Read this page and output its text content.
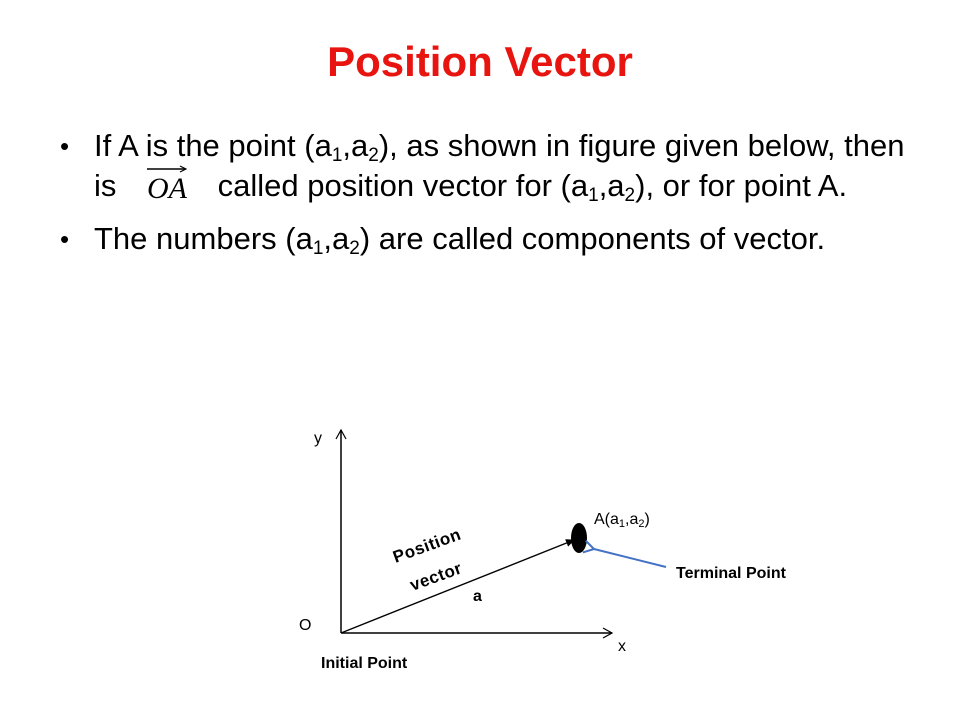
Position Vector
• If A is the point $(a_1,a_2)$, as shown in figure given below, then is OA called position vector for $(a_1,a_2)$, or for point A.
• The numbers $(a_1,a_2)$ are called components of vector.
y
x
O
$A(a_1,a_2)$
Position
vector
a
Terminal Point
Initial Point
